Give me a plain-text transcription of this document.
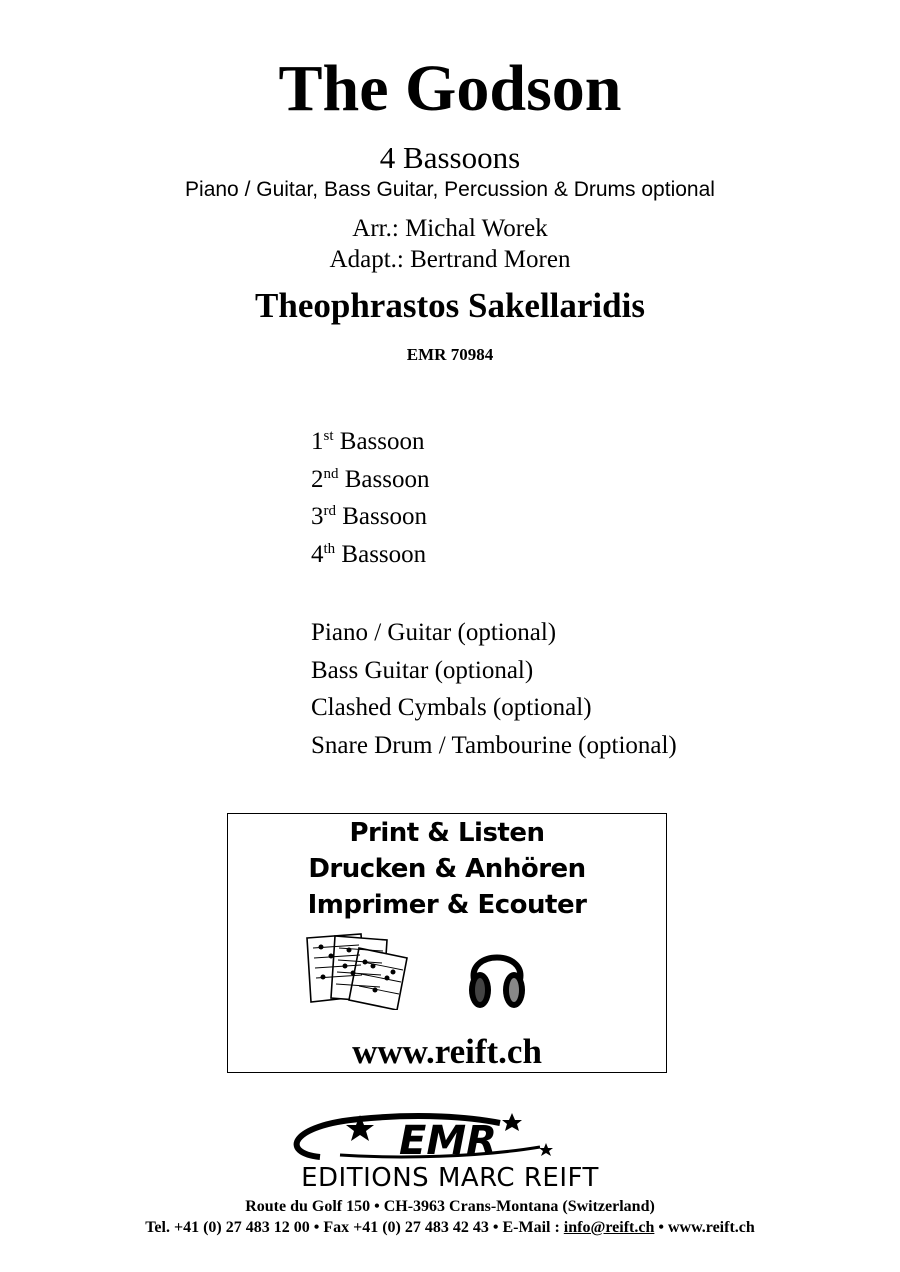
The Godson
4 Bassoons
Piano / Guitar, Bass Guitar, Percussion & Drums optional
Arr.: Michal Worek
Adapt.: Bertrand Moren
Theophrastos Sakellaridis
EMR 70984
1st Bassoon
2nd Bassoon
3rd Bassoon
4th Bassoon
Piano / Guitar (optional)
Bass Guitar (optional)
Clashed Cymbals (optional)
Snare Drum / Tambourine (optional)
Print & Listen
Drucken & Anhören
Imprimer & Ecouter
www.reift.ch
EMR
EDITIONS MARC REIFT
Route du Golf 150 • CH-3963 Crans-Montana (Switzerland)
Tel. +41 (0) 27 483 12 00 • Fax +41 (0) 27 483 42 43 • E-Mail : info@reift.ch • www.reift.ch
